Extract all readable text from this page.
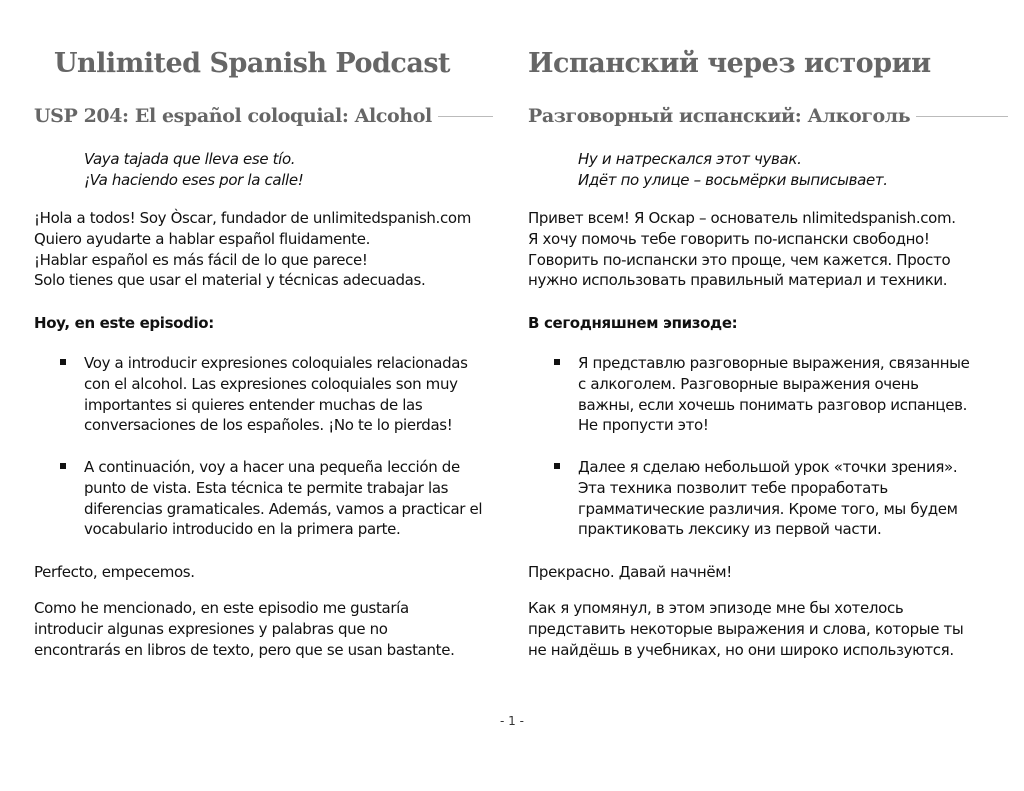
Unlimited Spanish Podcast
USP 204: El español coloquial: Alcohol
Vaya tajada que lleva ese tío.
¡Va haciendo eses por la calle!
¡Hola a todos! Soy Òscar, fundador de unlimitedspanish.com
Quiero ayudarte a hablar español fluidamente.
¡Hablar español es más fácil de lo que parece!
Solo tienes que usar el material y técnicas adecuadas.
Hoy, en este episodio:
Voy a introducir expresiones coloquiales relacionadas
con el alcohol. Las expresiones coloquiales son muy
importantes si quieres entender muchas de las
conversaciones de los españoles. ¡No te lo pierdas!
A continuación, voy a hacer una pequeña lección de
punto de vista. Esta técnica te permite trabajar las
diferencias gramaticales. Además, vamos a practicar el
vocabulario introducido en la primera parte.
Perfecto, empecemos.
Como he mencionado, en este episodio me gustaría
introducir algunas expresiones y palabras que no
encontrarás en libros de texto, pero que se usan bastante.
Испанский через истории
Разговорный испанский: Алкоголь
Ну и натрескался этот чувак.
Идёт по улице – восьмёрки выписывает.
Привет всем! Я Оскар – основатель nlimitedspanish.com.
Я хочу помочь тебе говорить по-испански свободно!
Говорить по-испански это проще, чем кажется. Просто
нужно использовать правильный материал и техники.
В сегодняшнем эпизоде:
Я представлю разговорные выражения, связанные
с алкоголем. Разговорные выражения очень
важны, если хочешь понимать разговор испанцев.
Не пропусти это!
Далее я сделаю небольшой урок «точки зрения».
Эта техника позволит тебе проработать
грамматические различия. Кроме того, мы будем
практиковать лексику из первой части.
Прекрасно. Давай начнём!
Как я упомянул, в этом эпизоде мне бы хотелось
представить некоторые выражения и слова, которые ты
не найдёшь в учебниках, но они широко используются.
- 1 -
